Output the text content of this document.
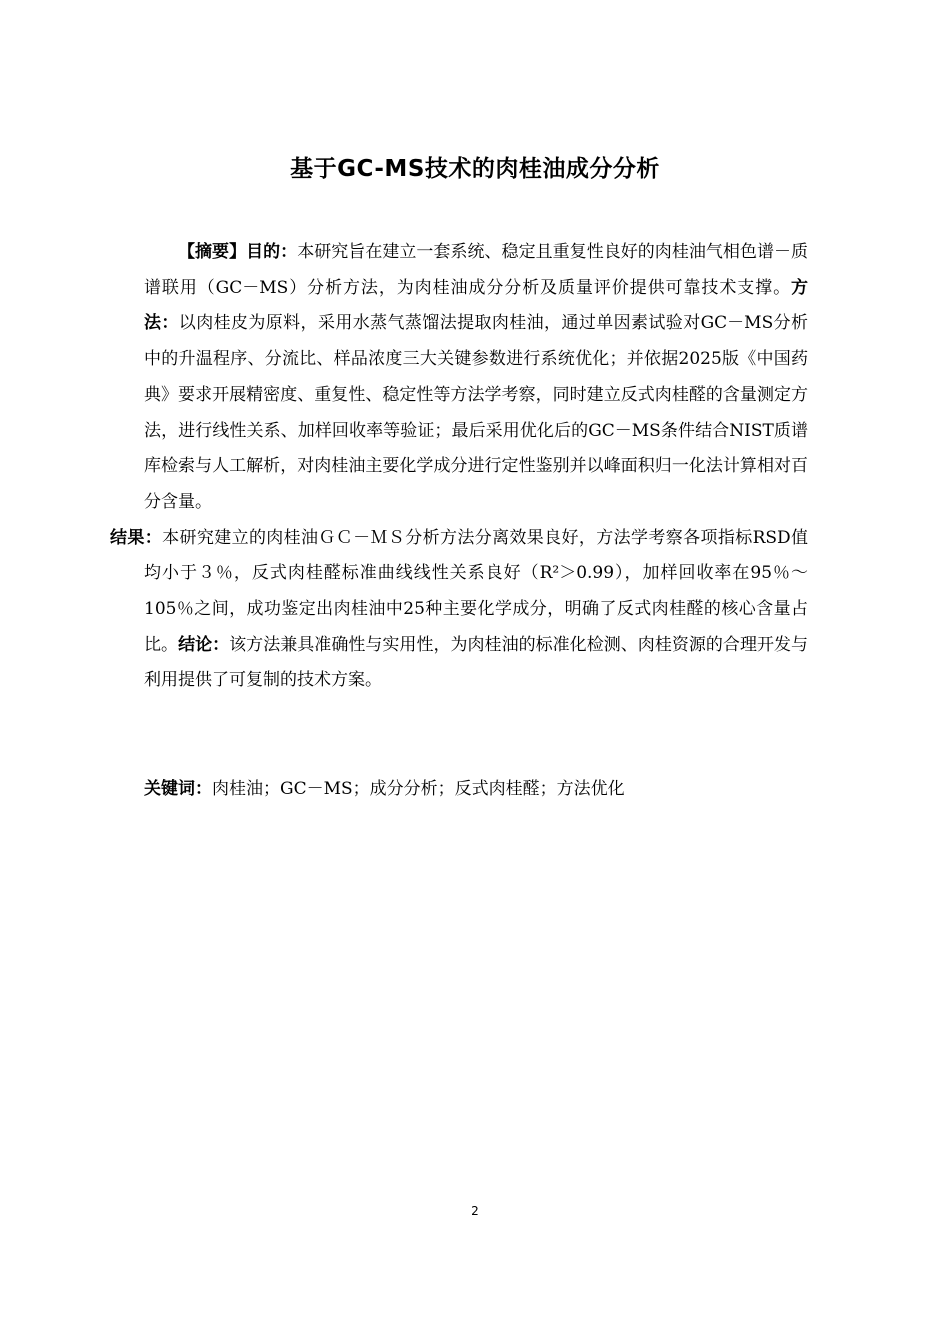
基于GC-MS技术的肉桂油成分分析

【摘要】目的：本研究旨在建立一套系统、稳定且重复性良好的肉桂油气相色谱－质谱联用（GC－MS）分析方法，为肉桂油成分分析及质量评价提供可靠技术支撑。方法：以肉桂皮为原料，采用水蒸气蒸馏法提取肉桂油，通过单因素试验对GC－MS分析中的升温程序、分流比、样品浓度三大关键参数进行系统优化；并依据2025版《中国药典》要求开展精密度、重复性、稳定性等方法学考察，同时建立反式肉桂醛的含量测定方法，进行线性关系、加样回收率等验证；最后采用优化后的GC－MS条件结合NIST质谱库检索与人工解析，对肉桂油主要化学成分进行定性鉴别并以峰面积归一化法计算相对百分含量。
结果：本研究建立的肉桂油ＧＣ－ＭＳ分析方法分离效果良好，方法学考察各项指标RSD值均小于３％，反式肉桂醛标准曲线线性关系良好（R²＞0.99），加样回收率在95％～105％之间，成功鉴定出肉桂油中25种主要化学成分，明确了反式肉桂醛的核心含量占比。结论：该方法兼具准确性与实用性，为肉桂油的标准化检测、肉桂资源的合理开发与利用提供了可复制的技术方案。

关键词：肉桂油；GC－MS；成分分析；反式肉桂醛；方法优化

2
